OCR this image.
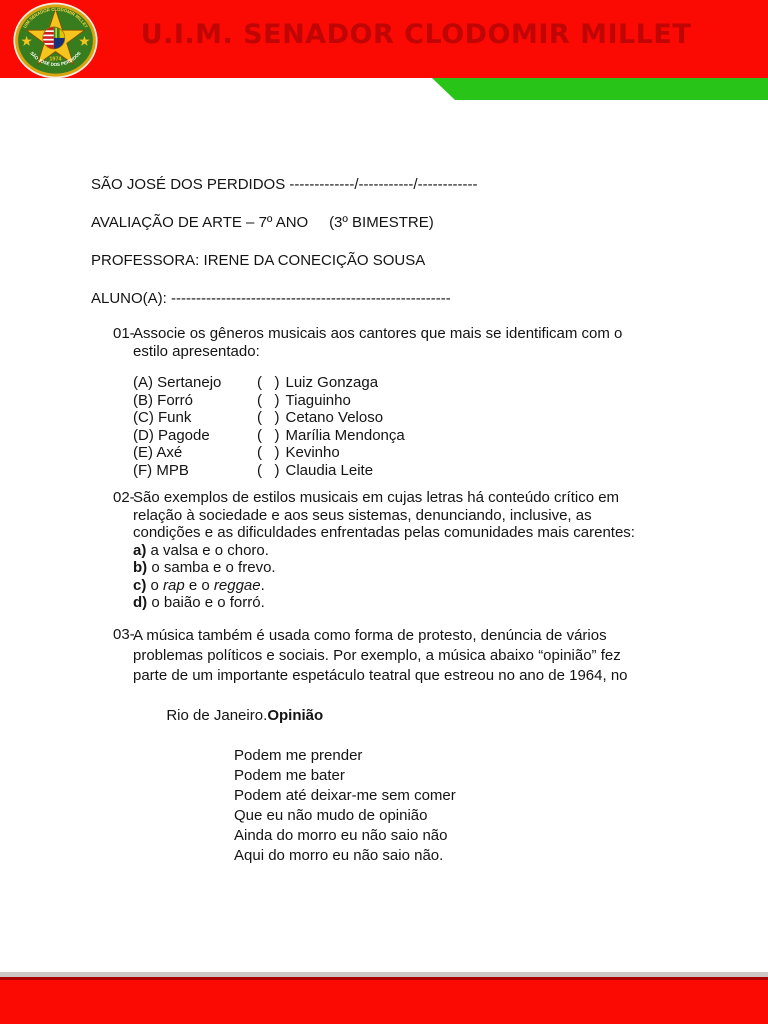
U.I.M. SENADOR CLODOMIR MILLET
1974
UIM SENADOR CLODOMIR MILLET
SÃO JOSÉ DOS PERDIDOS

SÃO JOSÉ DOS PERDIDOS -------------/-----------/------------

AVALIAÇÃO DE ARTE – 7º ANO     (3º BIMESTRE)

PROFESSORA: IRENE DA CONECIÇÃO SOUSA

ALUNO(A): --------------------------------------------------------

01-
Associe os gêneros musicais aos cantores que mais se identificam com o
estilo apresentado:
(A) Sertanejo	(   ) Luiz Gonzaga
(B) Forró	(   ) Tiaguinho
(C) Funk	(   ) Cetano Veloso
(D) Pagode	(   ) Marília Mendonça
(E) Axé	(   ) Kevinho
(F) MPB	(   ) Claudia Leite
02-
São exemplos de estilos musicais em cujas letras há conteúdo crítico em
relação à sociedade e aos seus sistemas, denunciando, inclusive, as
condições e as dificuldades enfrentadas pelas comunidades mais carentes:
a) a valsa e o choro.
b) o samba e o frevo.
c) o rap e o reggae.
d) o baião e o forró.
03-
A música também é usada como forma de protesto, denúncia de vários
problemas políticos e sociais. Por exemplo, a música abaixo “opinião” fez
parte de um importante espetáculo teatral que estreou no ano de 1964, no

Rio de Janeiro.Opinião

Podem me prender
Podem me bater
Podem até deixar-me sem comer
Que eu não mudo de opinião
Ainda do morro eu não saio não
Aqui do morro eu não saio não.
